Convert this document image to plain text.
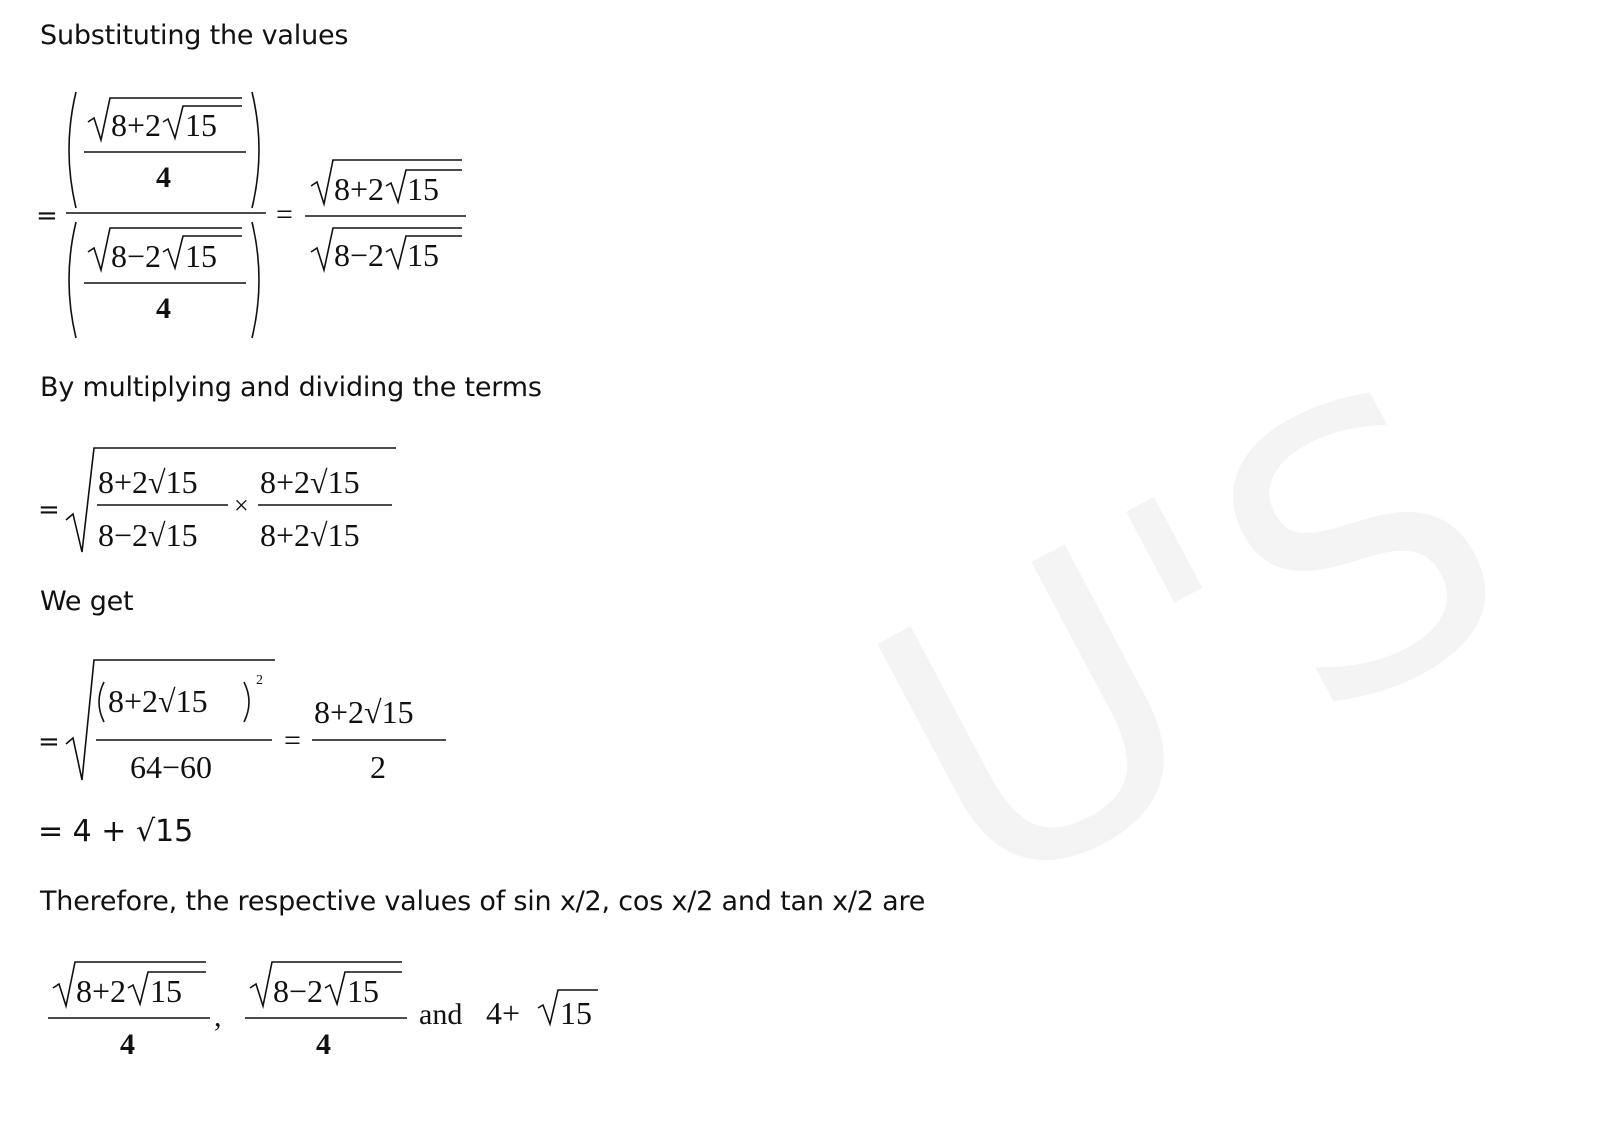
U'S
Substituting the values
=
8+2 15
4
8−2 15
4
=
8+2 15
8−2 15
=
8+2√15
8−2√15
×
8+2√15
8+2√15
=
8+2√15
2
64−60
=
8+2√15
2
= 4 + √15
8+2 15
4
,
8−2 15
4
and 4+ 15
By multiplying and dividing the terms
We get
Therefore, the respective values of sin x/2, cos x/2 and tan x/2 are
